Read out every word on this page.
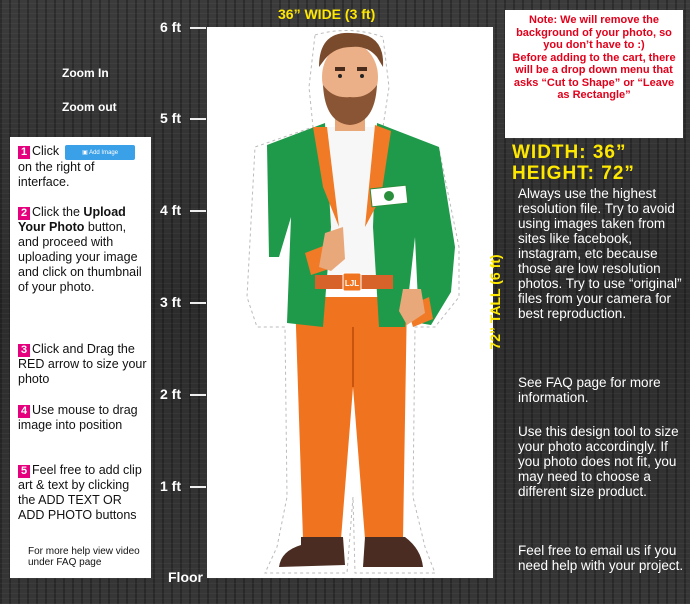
6 ft
5 ft
4 ft
3 ft
2 ft
1 ft
Floor
Zoom In
Zoom out
36” WIDE (3 ft)
LJL	72” TALL (6 ft)
1 Click	▣ Add Image
on the right of interface.
2 Click the Upload Your Photo button, and proceed with uploading your image and click on thumbnail of your photo.
3 Click and Drag the RED arrow to size your photo
4 Use mouse to drag image into position
5 Feel free to add clip art & text by clicking the ADD TEXT OR ADD PHOTO buttons
For more help view video under FAQ page
Note: We will remove the background of your photo, so you don’t have to :)
Before adding to the cart, there will be a drop down menu that asks “Cut to Shape” or “Leave as Rectangle”
WIDTH: 36”
HEIGHT: 72”
Always use the highest resolution file. Try to avoid using images taken from sites like facebook, instagram, etc because those are low resolution photos. Try to use “original” files from your camera for best reproduction.
See FAQ page for more information.
Use this design tool to size your photo accordingly. If you photo does not fit, you may need to choose a different size product.
Feel free to email us if you need help with your project.
